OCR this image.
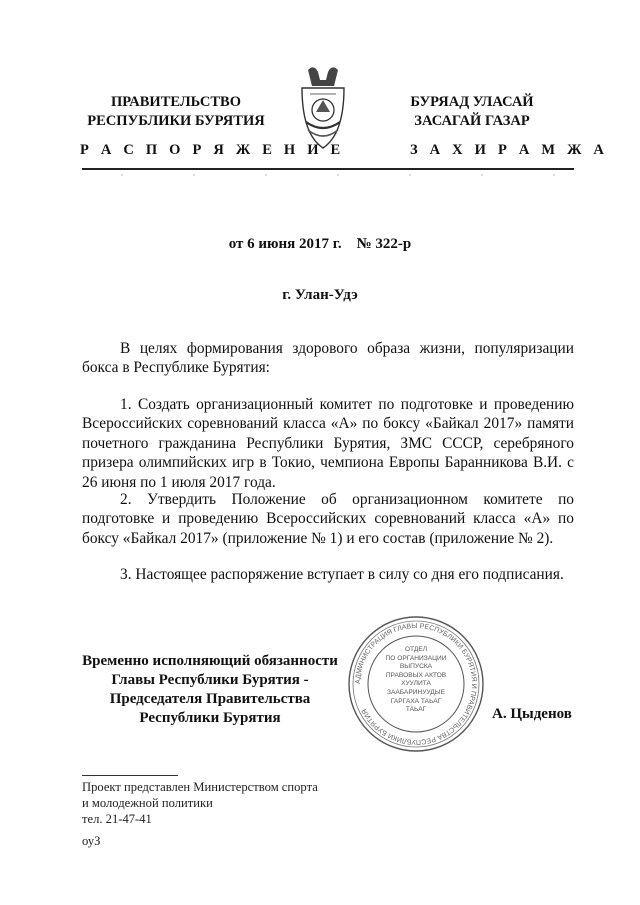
ПРАВИТЕЛЬСТВО
РЕСПУБЛИКИ БУРЯТИЯ
БУРЯАД УЛАСАЙ
ЗАСАГАЙ ГАЗАР
Р А С П О Р Я Ж Е Н И Е	З А Х И Р А М Ж А
от 6 июня 2017 г.    № 322-р
г. Улан-Удэ
В целях формирования здорового образа жизни, популяризации бокса в Республике Бурятия:
1. Создать организационный комитет по подготовке и проведению Всероссийских соревнований класса «А» по боксу «Байкал 2017» памяти почетного гражданина Республики Бурятия, ЗМС СССР, серебряного призера олимпийских игр в Токио, чемпиона Европы Баранникова В.И. с 26 июня по 1 июля 2017 года.
2. Утвердить Положение об организационном комитете по подготовке и проведению Всероссийских соревнований класса «А» по боксу «Байкал 2017» (приложение № 1) и его состав (приложение № 2).
3. Настоящее распоряжение вступает в силу со дня его подписания.
Временно исполняющий обязанности
Главы Республики Бурятия -
Председателя Правительства
Республики Бурятия
АДМИНИСТРАЦИЯ ГЛАВЫ РЕСПУБЛИКИ БУРЯТИЯ И ПРАВИТЕЛЬСТВА РЕСПУБЛИКИ БУРЯТИЯ
ОТДЕЛ
ПО ОРГАНИЗАЦИИ
ВЫПУСКА
ПРАВОВЫХ АКТОВ
ХУУЛИТА
ЗААБАРИНУУДЫЕ
ГАРГАХА ТАЬАГ
ТАЬАГ	А. Цыденов
Проект представлен Министерством спорта
и молодежной политики
тел. 21-47-41
оуЗ
